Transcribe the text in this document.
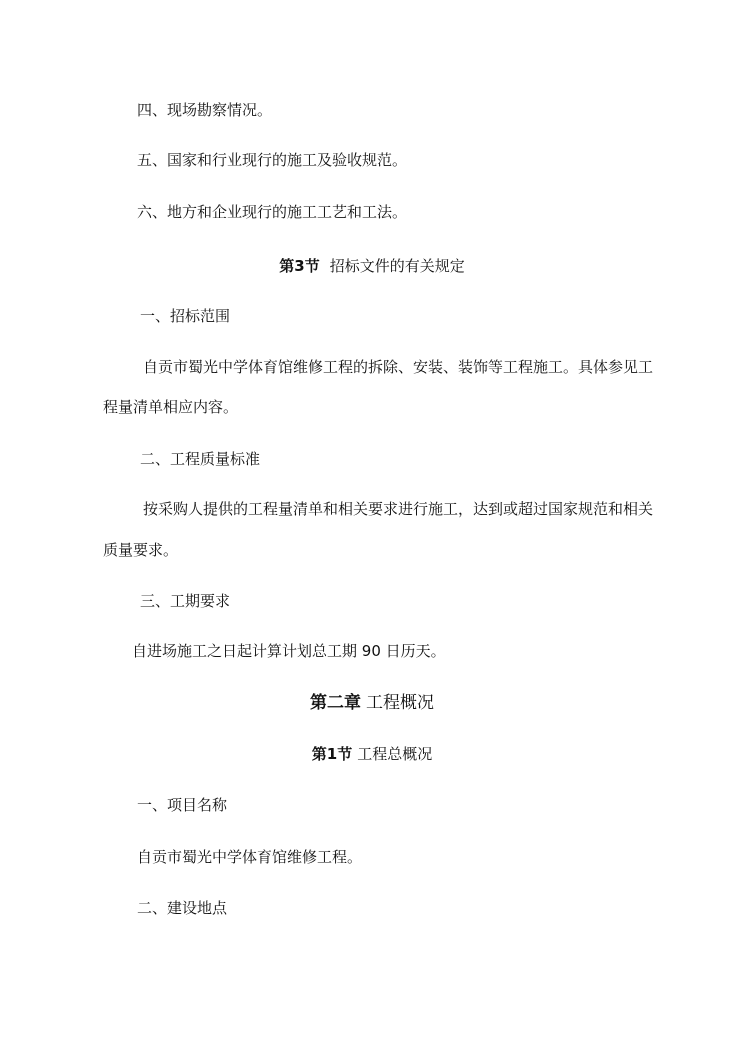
四、现场勘察情况。
五、国家和行业现行的施工及验收规范。
六、地方和企业现行的施工工艺和工法。
第3节 招标文件的有关规定
一、招标范围
自贡市蜀光中学体育馆维修工程的拆除、安装、装饰等工程施工。具体参见工
程量清单相应内容。
二、工程质量标准
按采购人提供的工程量清单和相关要求进行施工，达到或超过国家规范和相关
质量要求。
三、工期要求
自进场施工之日起计算计划总工期 90 日历天。
第二章 工程概况
第1节 工程总概况
一、项目名称
自贡市蜀光中学体育馆维修工程。
二、建设地点
